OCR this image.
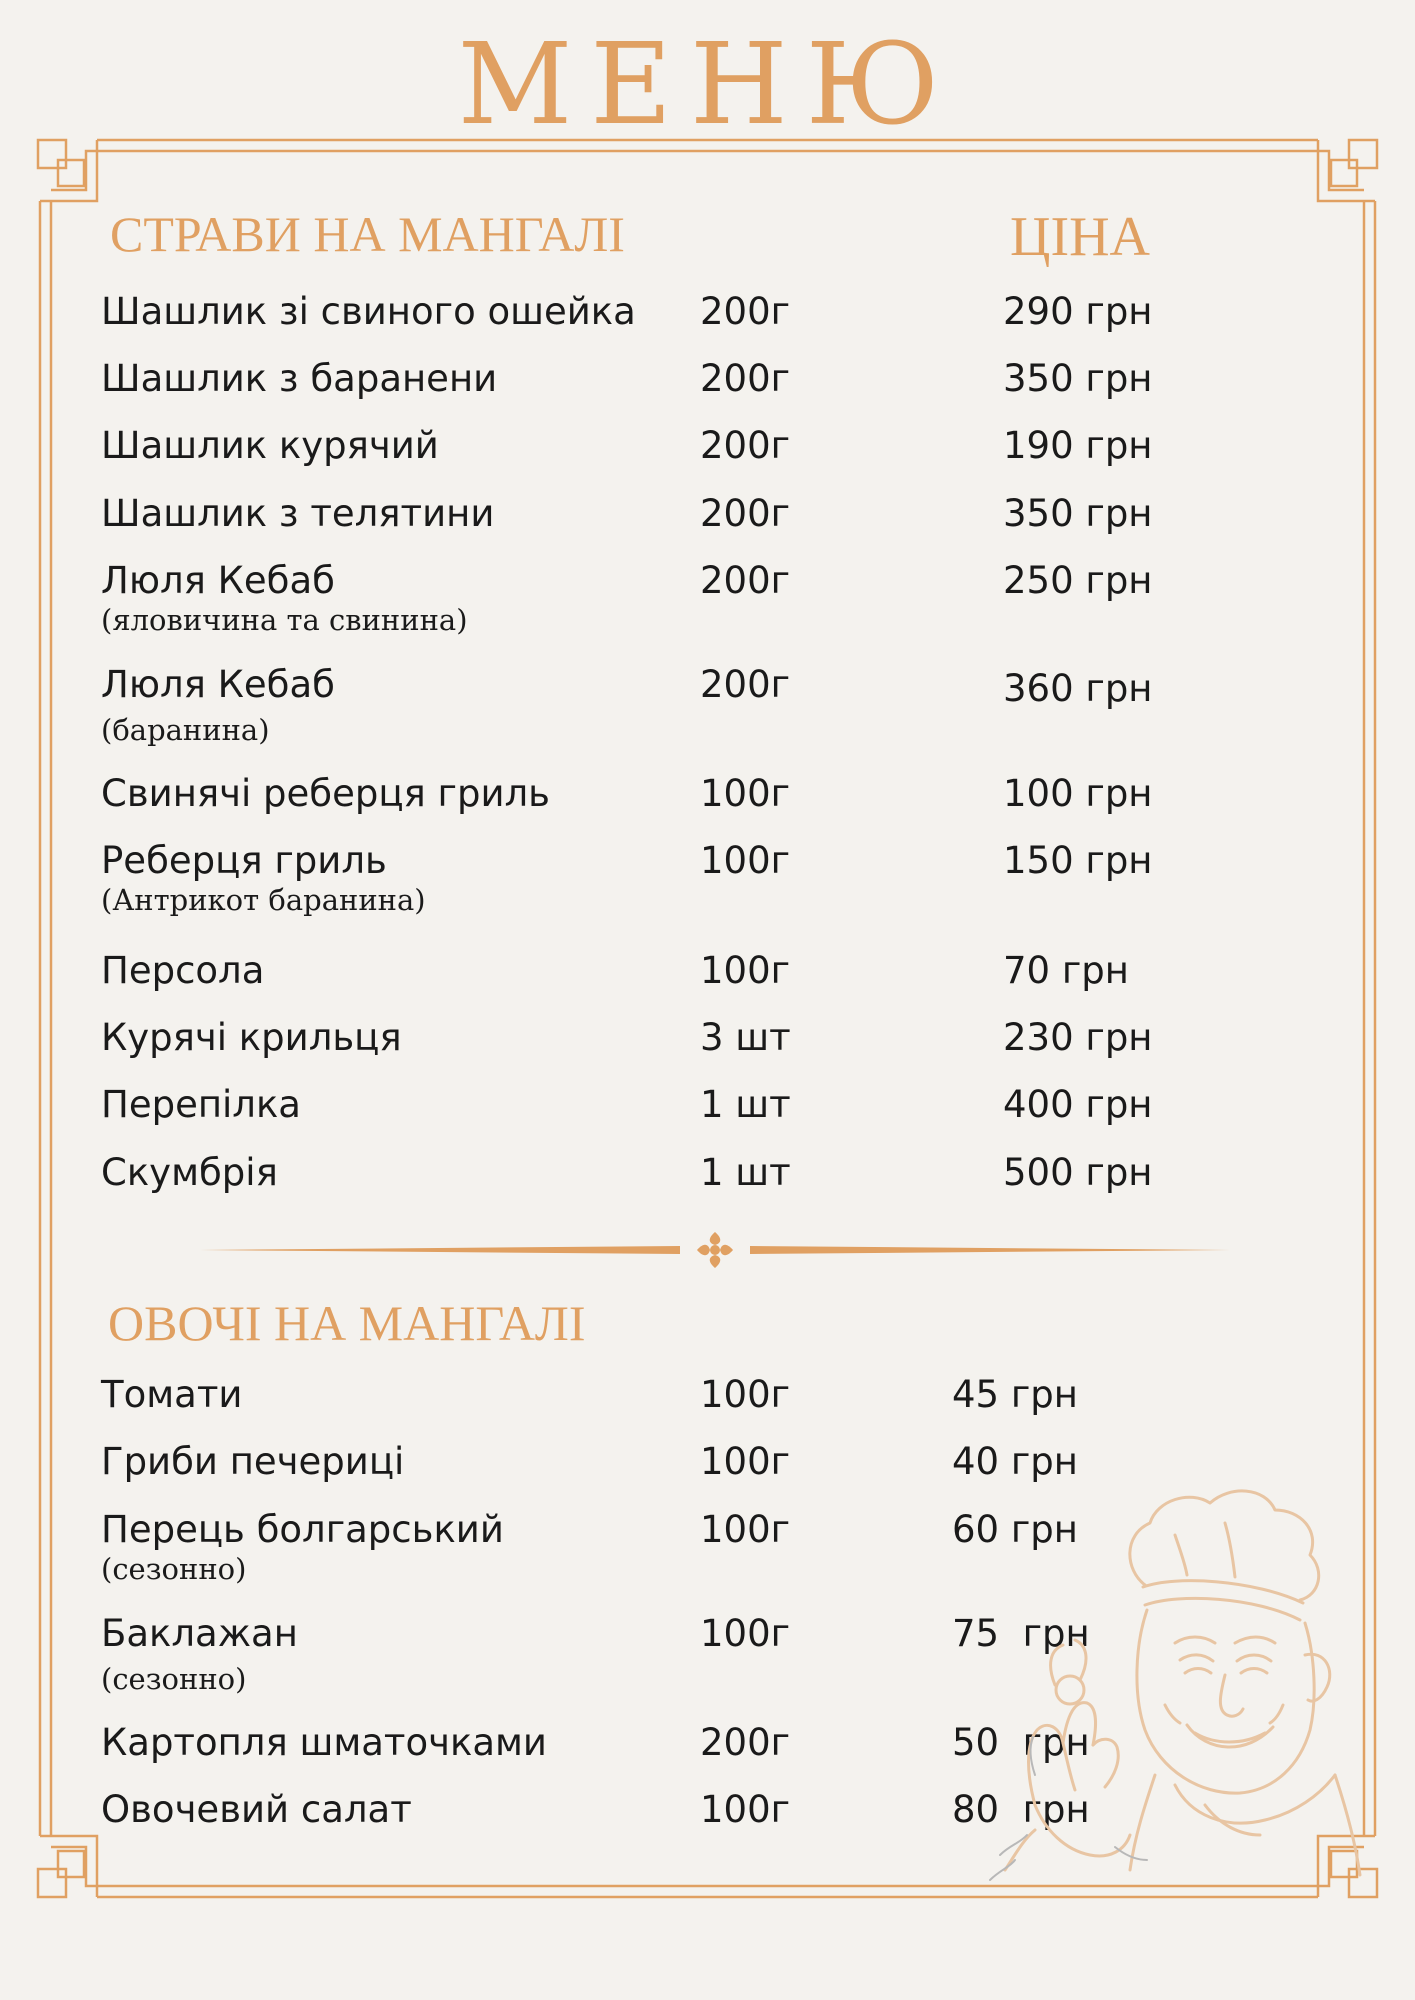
МЕНЮ
СТРАВИ НА МАНГАЛІ	ЦІНА
Шашлик зі свиного ошейка 200г	290 грн
Шашлик з баранени	200г	350 грн
Шашлик курячий	200г	190 грн
Шашлик з телятини	200г	350 грн
Люля Кебаб
(яловичина та свинина)
200г	250 грн
Люля Кебаб
(баранина)
200г	360 грн
Свинячі реберця гриль	100г	100 грн
Реберця гриль
(Антрикот баранина)
100г	150 грн
Персола	100г	70 грн
Курячі крильця	3 шт	230 грн
Перепілка	1 шт	400 грн
Скумбрія	1 шт	500 грн
ОВОЧІ НА МАНГАЛІ
Томати	100г	45 грн
Гриби печериці	100г	40 грн
Перець болгарський
(сезонно)
100г	60 грн
Баклажан
(сезонно)
100г	75  грн
Картопля шматочками	200г	50  грн
Овочевий салат	100г	80  грн
